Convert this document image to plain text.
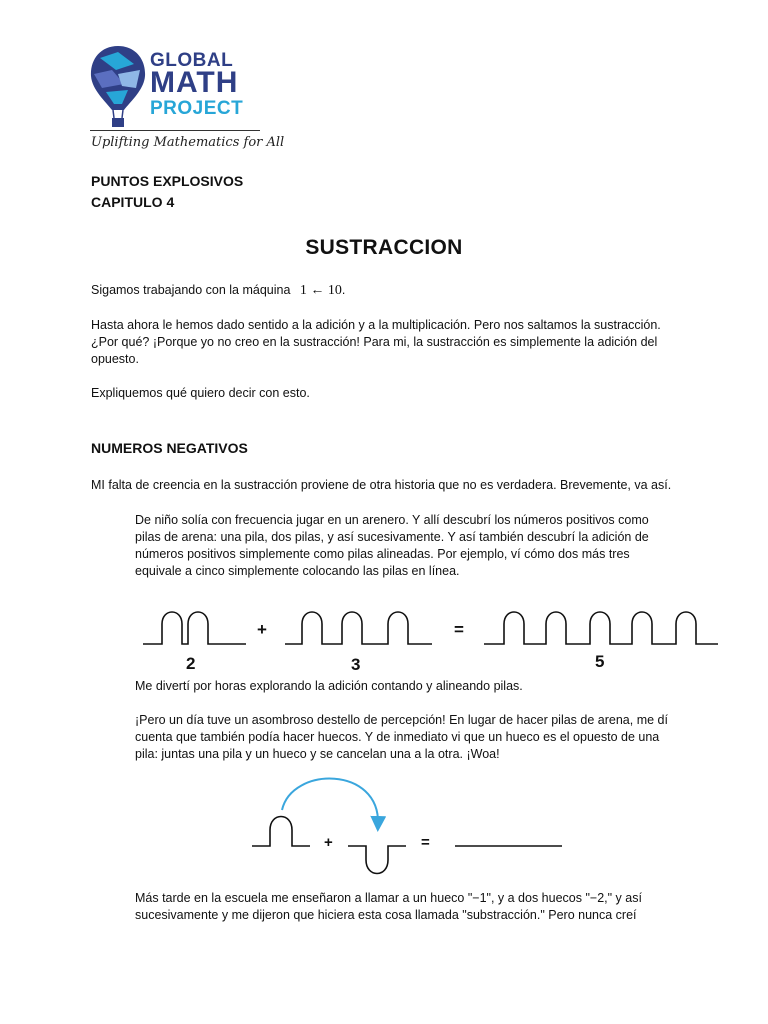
GLOBAL
MATH
PROJECT
Uplifting Mathematics for All
PUNTOS EXPLOSIVOS
CAPITULO 4
SUSTRACCION
Sigamos trabajando con la máquina 1 ← 10.
Hasta ahora le hemos dado sentido a la adición y a la multiplicación. Pero nos saltamos la sustracción.
¿Por qué? ¡Porque yo no creo en la sustracción! Para mi, la sustracción es simplemente la adición del
opuesto.
Expliquemos qué quiero decir con esto.
NUMEROS NEGATIVOS
MI falta de creencia en la sustracción proviene de otra historia que no es verdadera. Brevemente, va así.
De niño solía con frecuencia jugar en un arenero. Y allí descubrí los números positivos como
pilas de arena: una pila, dos pilas, y así sucesivamente. Y así también descubrí la adición de
números positivos simplemente como pilas alineadas. Por ejemplo, ví cómo dos más tres
equivale a cinco simplemente colocando las pilas en línea.
+	=
2	3	5
Me divertí por horas explorando la adición contando y alineando pilas.
¡Pero un día tuve un asombroso destello de percepción! En lugar de hacer pilas de arena, me dí
cuenta que también podía hacer huecos. Y de inmediato vi que un hueco es el opuesto de una
pila: juntas una pila y un hueco y se cancelan una a la otra. ¡Woa!
+	=
Más tarde en la escuela me enseñaron a llamar a un hueco "−1", y a dos huecos "−2," y así
sucesivamente y me dijeron que hiciera esta cosa llamada "substracción." Pero nunca creí
